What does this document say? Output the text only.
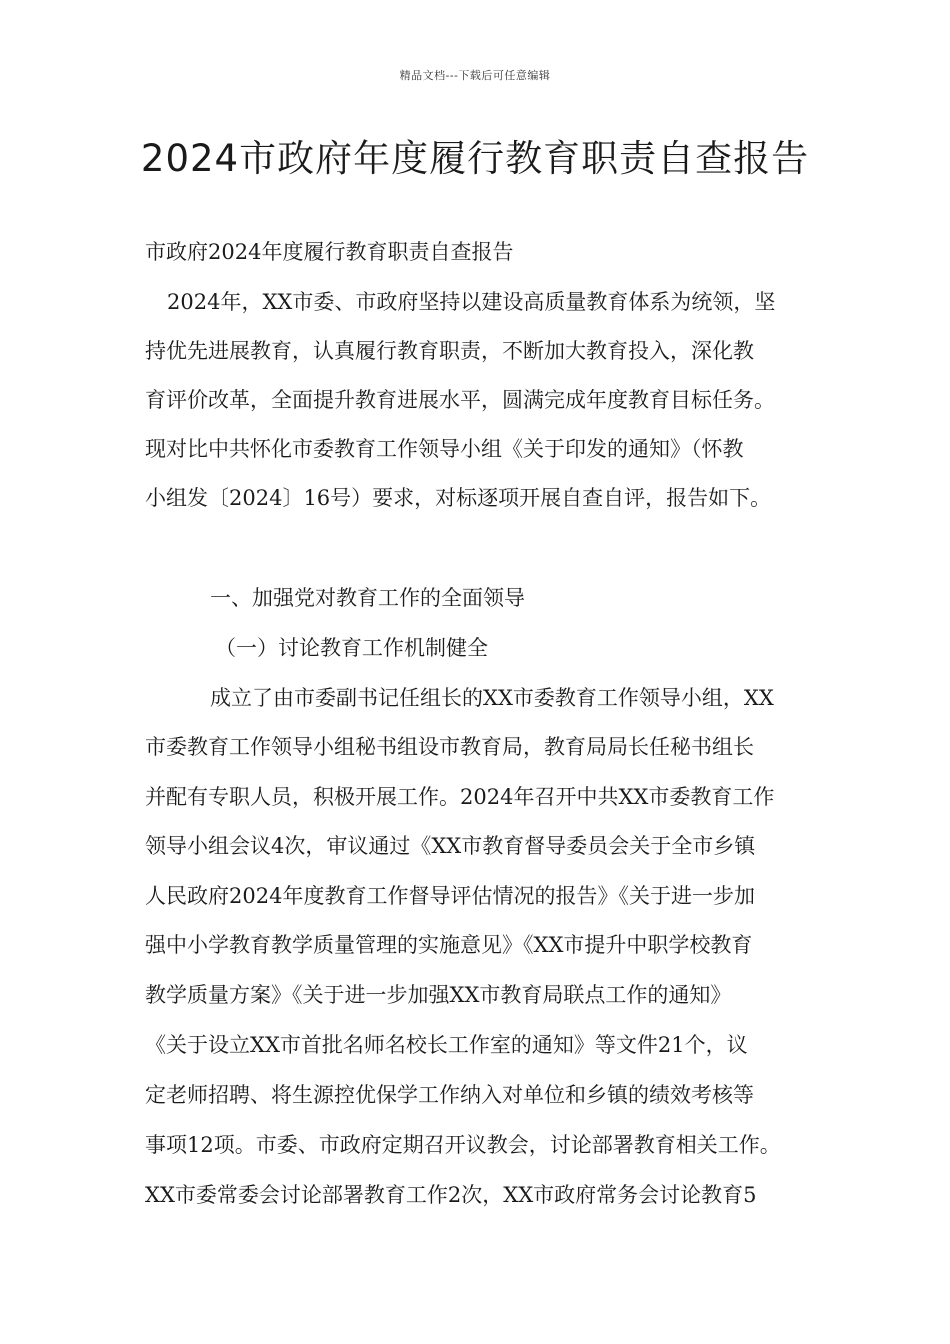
精品文档---下载后可任意编辑
2024市政府年度履行教育职责自查报告
市政府2024年度履行教育职责自查报告
2024年，XX市委、市政府坚持以建设高质量教育体系为统领，坚
持优先进展教育，认真履行教育职责，不断加大教育投入，深化教
育评价改革，全面提升教育进展水平，圆满完成年度教育目标任务。
现对比中共怀化市委教育工作领导小组《关于印发的通知》（怀教
小组发〔2024〕16号）要求，对标逐项开展自查自评，报告如下。
一、加强党对教育工作的全面领导
（一）讨论教育工作机制健全
成立了由市委副书记任组长的XX市委教育工作领导小组，XX
市委教育工作领导小组秘书组设市教育局，教育局局长任秘书组长
并配有专职人员，积极开展工作。2024年召开中共XX市委教育工作
领导小组会议4次，审议通过《XX市教育督导委员会关于全市乡镇
人民政府2024年度教育工作督导评估情况的报告》《关于进一步加
强中小学教育教学质量管理的实施意见》《XX市提升中职学校教育
教学质量方案》《关于进一步加强XX市教育局联点工作的通知》
《关于设立XX市首批名师名校长工作室的通知》等文件21个，议
定老师招聘、将生源控优保学工作纳入对单位和乡镇的绩效考核等
事项12项。市委、市政府定期召开议教会，讨论部署教育相关工作。
XX市委常委会讨论部署教育工作2次，XX市政府常务会讨论教育5
